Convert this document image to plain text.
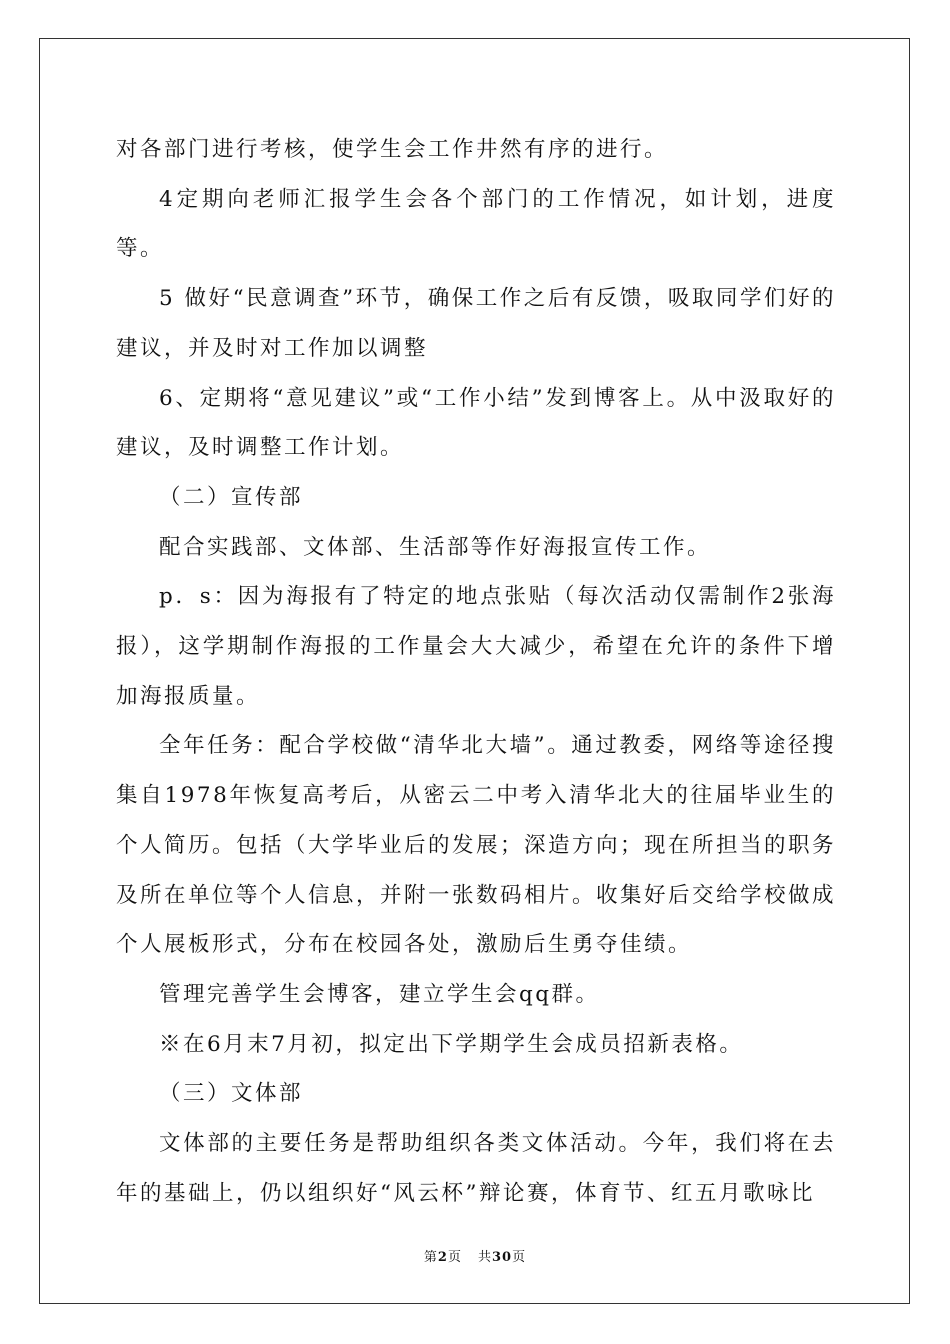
对各部门进行考核，使学生会工作井然有序的进行。

4定期向老师汇报学生会各个部门的工作情况，如计划，进度等。

5 做好“民意调查”环节，确保工作之后有反馈，吸取同学们好的建议，并及时对工作加以调整

6、定期将“意见建议”或“工作小结”发到博客上。从中汲取好的建议，及时调整工作计划。

（二）宣传部

配合实践部、文体部、生活部等作好海报宣传工作。

p．s：因为海报有了特定的地点张贴（每次活动仅需制作2张海报），这学期制作海报的工作量会大大减少，希望在允许的条件下增加海报质量。

全年任务：配合学校做“清华北大墙”。通过教委，网络等途径搜集自1978年恢复高考后，从密云二中考入清华北大的往届毕业生的个人简历。包括（大学毕业后的发展；深造方向；现在所担当的职务及所在单位等个人信息，并附一张数码相片。收集好后交给学校做成个人展板形式，分布在校园各处，激励后生勇夺佳绩。

管理完善学生会博客，建立学生会qq群。

※在6月末7月初，拟定出下学期学生会成员招新表格。

（三）文体部

文体部的主要任务是帮助组织各类文体活动。今年，我们将在去年的基础上，仍以组织好“风云杯”辩论赛，体育节、红五月歌咏比

第2页 共30页
